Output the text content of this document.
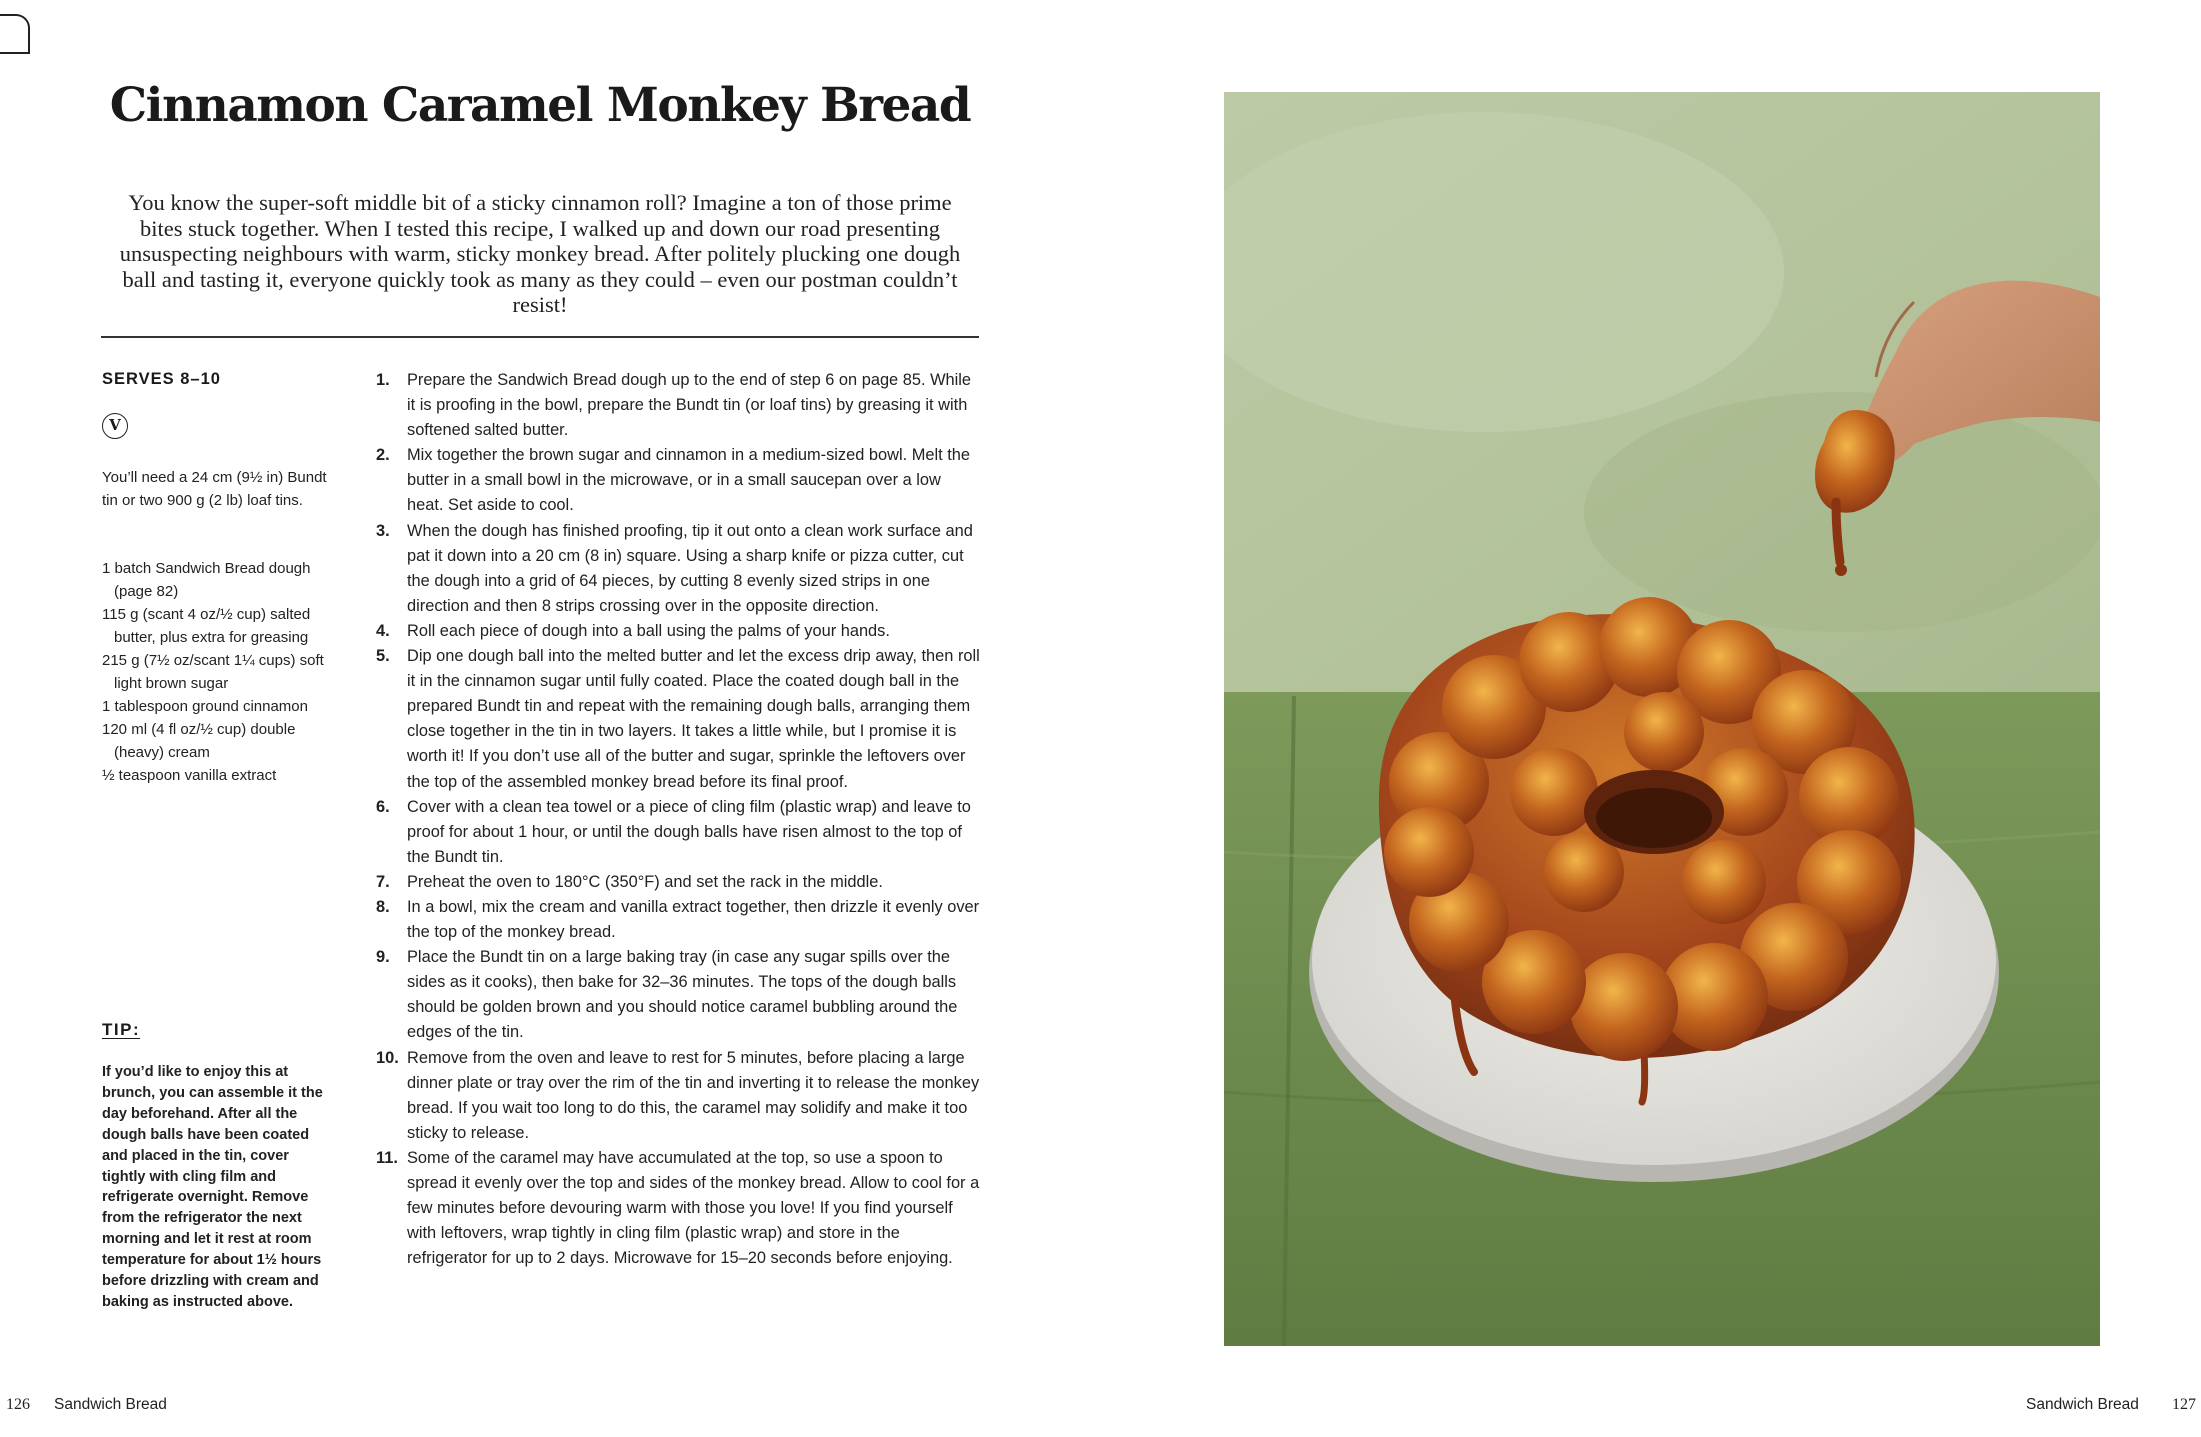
Cinnamon Caramel Monkey Bread

You know the super-soft middle bit of a sticky cinnamon roll? Imagine a ton of those prime bites stuck together. When I tested this recipe, I walked up and down our road presenting unsuspecting neighbours with warm, sticky monkey bread. After politely plucking one dough ball and tasting it, everyone quickly took as many as they could – even our postman couldn’t resist!

SERVES 8–10
V
You’ll need a 24 cm (9½ in) Bundt tin or two 900 g (2 lb) loaf tins.
1 batch Sandwich Bread dough (page 82)
115 g (scant 4 oz/½ cup) salted butter, plus extra for greasing
215 g (7½ oz/scant 1¼ cups) soft light brown sugar
1 tablespoon ground cinnamon
120 ml (4 fl oz/½ cup) double (heavy) cream
½ teaspoon vanilla extract
TIP:
If you’d like to enjoy this at brunch, you can assemble it the day beforehand. After all the dough balls have been coated and placed in the tin, cover tightly with cling film and refrigerate overnight. Remove from the refrigerator the next morning and let it rest at room temperature for about 1½ hours before drizzling with cream and baking as instructed above.
1. Prepare the Sandwich Bread dough up to the end of step 6 on page 85. While it is proofing in the bowl, prepare the Bundt tin (or loaf tins) by greasing it with softened salted butter.
2. Mix together the brown sugar and cinnamon in a medium-sized bowl. Melt the butter in a small bowl in the microwave, or in a small saucepan over a low heat. Set aside to cool.
3. When the dough has finished proofing, tip it out onto a clean work surface and pat it down into a 20 cm (8 in) square. Using a sharp knife or pizza cutter, cut the dough into a grid of 64 pieces, by cutting 8 evenly sized strips in one direction and then 8 strips crossing over in the opposite direction.
4. Roll each piece of dough into a ball using the palms of your hands.
5. Dip one dough ball into the melted butter and let the excess drip away, then roll it in the cinnamon sugar until fully coated. Place the coated dough ball in the prepared Bundt tin and repeat with the remaining dough balls, arranging them close together in the tin in two layers. It takes a little while, but I promise it is worth it! If you don’t use all of the butter and sugar, sprinkle the leftovers over the top of the assembled monkey bread before its final proof.
6. Cover with a clean tea towel or a piece of cling film (plastic wrap) and leave to proof for about 1 hour, or until the dough balls have risen almost to the top of the Bundt tin.
7. Preheat the oven to 180°C (350°F) and set the rack in the middle.
8. In a bowl, mix the cream and vanilla extract together, then drizzle it evenly over the top of the monkey bread.
9. Place the Bundt tin on a large baking tray (in case any sugar spills over the sides as it cooks), then bake for 32–36 minutes. The tops of the dough balls should be golden brown and you should notice caramel bubbling around the edges of the tin.
10. Remove from the oven and leave to rest for 5 minutes, before placing a large dinner plate or tray over the rim of the tin and inverting it to release the monkey bread. If you wait too long to do this, the caramel may solidify and make it too sticky to release.
11. Some of the caramel may have accumulated at the top, so use a spoon to spread it evenly over the top and sides of the monkey bread. Allow to cool for a few minutes before devouring warm with those you love! If you find yourself with leftovers, wrap tightly in cling film (plastic wrap) and store in the refrigerator for up to 2 days. Microwave for 15–20 seconds before enjoying.
126 Sandwich Bread	Sandwich Bread 127
